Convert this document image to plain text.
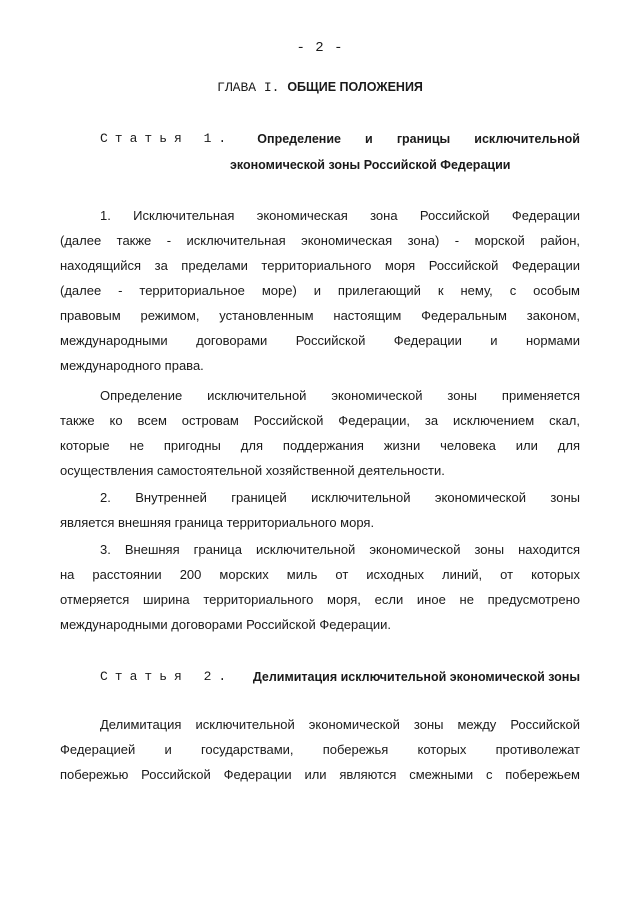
- 2 -
ГЛАВА I. ОБЩИЕ ПОЛОЖЕНИЯ
Статья 1. Определение и границы исключительной
экономической зоны Российской Федерации
1. Исключительная экономическая зона Российской Федерации
(далее также - исключительная экономическая зона) - морской район,
находящийся за пределами территориального моря Российской Федерации
(далее - территориальное море) и прилегающий к нему, с особым
правовым режимом, установленным настоящим Федеральным законом,
международными договорами Российской Федерации и нормами
международного права.
Определение исключительной экономической зоны применяется
также ко всем островам Российской Федерации, за исключением скал,
которые не пригодны для поддержания жизни человека или для
осуществления самостоятельной хозяйственной деятельности.
2. Внутренней границей исключительной экономической зоны
является внешняя граница территориального моря.
3. Внешняя граница исключительной экономической зоны находится
на расстоянии 200 морских миль от исходных линий, от которых
отмеряется ширина территориального моря, если иное не предусмотрено
международными договорами Российской Федерации.
Статья 2. Делимитация исключительной экономической зоны
Делимитация исключительной экономической зоны между Российской
Федерацией и государствами, побережья которых противолежат
побережью Российской Федерации или являются смежными с побережьем
